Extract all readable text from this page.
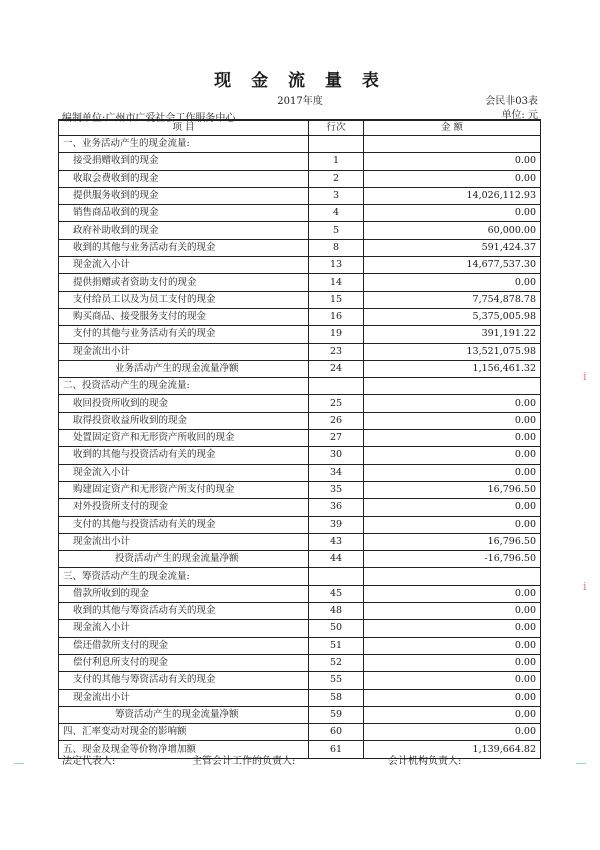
现 金 流 量 表
2017年度	会民非03表
编制单位:广州市广爱社会工作服务中心	单位: 元
项 目	行次	金 额
一、业务活动产生的现金流量:		
接受捐赠收到的现金	1	0.00
收取会费收到的现金	2	0.00
提供服务收到的现金	3	14,026,112.93
销售商品收到的现金	4	0.00
政府补助收到的现金	5	60,000.00
收到的其他与业务活动有关的现金	8	591,424.37
现金流入小计	13	14,677,537.30
提供捐赠或者资助支付的现金	14	0.00
支付给员工以及为员工支付的现金	15	7,754,878.78
购买商品、接受服务支付的现金	16	5,375,005.98
支付的其他与业务活动有关的现金	19	391,191.22
现金流出小计	23	13,521,075.98
业务活动产生的现金流量净额	24	1,156,461.32
二、投资活动产生的现金流量:		
收回投资所收到的现金	25	0.00
取得投资收益所收到的现金	26	0.00
处置固定资产和无形资产所收回的现金	27	0.00
收到的其他与投资活动有关的现金	30	0.00
现金流入小计	34	0.00
购建固定资产和无形资产所支付的现金	35	16,796.50
对外投资所支付的现金	36	0.00
支付的其他与投资活动有关的现金	39	0.00
现金流出小计	43	16,796.50
投资活动产生的现金流量净额	44	-16,796.50
三、筹资活动产生的现金流量:		
借款所收到的现金	45	0.00
收到的其他与筹资活动有关的现金	48	0.00
现金流入小计	50	0.00
偿还借款所支付的现金	51	0.00
偿付利息所支付的现金	52	0.00
支付的其他与筹资活动有关的现金	55	0.00
现金流出小计	58	0.00
筹资活动产生的现金流量净额	59	0.00
四、汇率变动对现金的影响额	60	0.00
五、现金及现金等价物净增加额	61	1,139,664.82
法定代表人:	主管会计工作的负责人:	会计机构负责人:
ⅰ
ⅰ
